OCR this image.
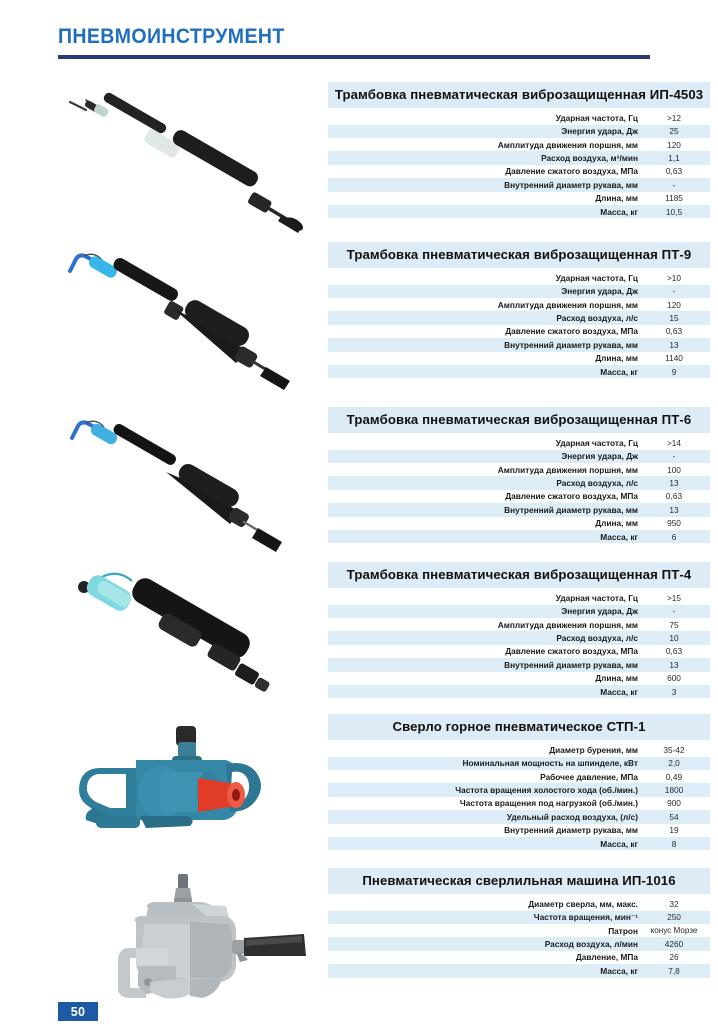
ПНЕВМОИНСТРУМЕНТ
Трамбовка пневматическая виброзащищенная ИП-4503
Ударная частота, Гц	>12
Энергия удара, Дж	25
Амплитуда движения поршня, мм	120
Расход воздуха, м³/мин	1,1
Давление сжатого воздуха, МПа	0,63
Внутренний диаметр рукава, мм	-
Длина, мм	1185
Масса, кг	10,5
Трамбовка пневматическая виброзащищенная ПТ-9
Ударная частота, Гц	>10
Энергия удара, Дж	-
Амплитуда движения поршня, мм	120
Расход воздуха, л/с	15
Давление сжатого воздуха, МПа	0,63
Внутренний диаметр рукава, мм	13
Длина, мм	1140
Масса, кг	9
Трамбовка пневматическая виброзащищенная ПТ-6
Ударная частота, Гц	>14
Энергия удара, Дж	-
Амплитуда движения поршня, мм	100
Расход воздуха, л/с	13
Давление сжатого воздуха, МПа	0,63
Внутренний диаметр рукава, мм	13
Длина, мм	950
Масса, кг	6
Трамбовка пневматическая виброзащищенная ПТ-4
Ударная частота, Гц	>15
Энергия удара, Дж	-
Амплитуда движения поршня, мм	75
Расход воздуха, л/с	10
Давление сжатого воздуха, МПа	0,63
Внутренний диаметр рукава, мм	13
Длина, мм	600
Масса, кг	3
Сверло горное пневматическое СТП-1
Диаметр бурения, мм	35-42
Номинальная мощность на шпинделе, кВт	2,0
Рабочее давление, МПа	0,49
Частота вращения холостого хода (об./мин.)	1800
Частота вращения под нагрузкой (об./мин.)	900
Удельный расход воздуха, (л/с)	54
Внутренний диаметр рукава, мм	19
Масса, кг	8
Пневматическая сверлильная машина ИП-1016
Диаметр сверла, мм, макс.	32
Частота вращения, мин⁻¹	250
Патрон	конус Морзе
Расход воздуха, л/мин	4260
Давление, МПа	26
Масса, кг	7,8
50
